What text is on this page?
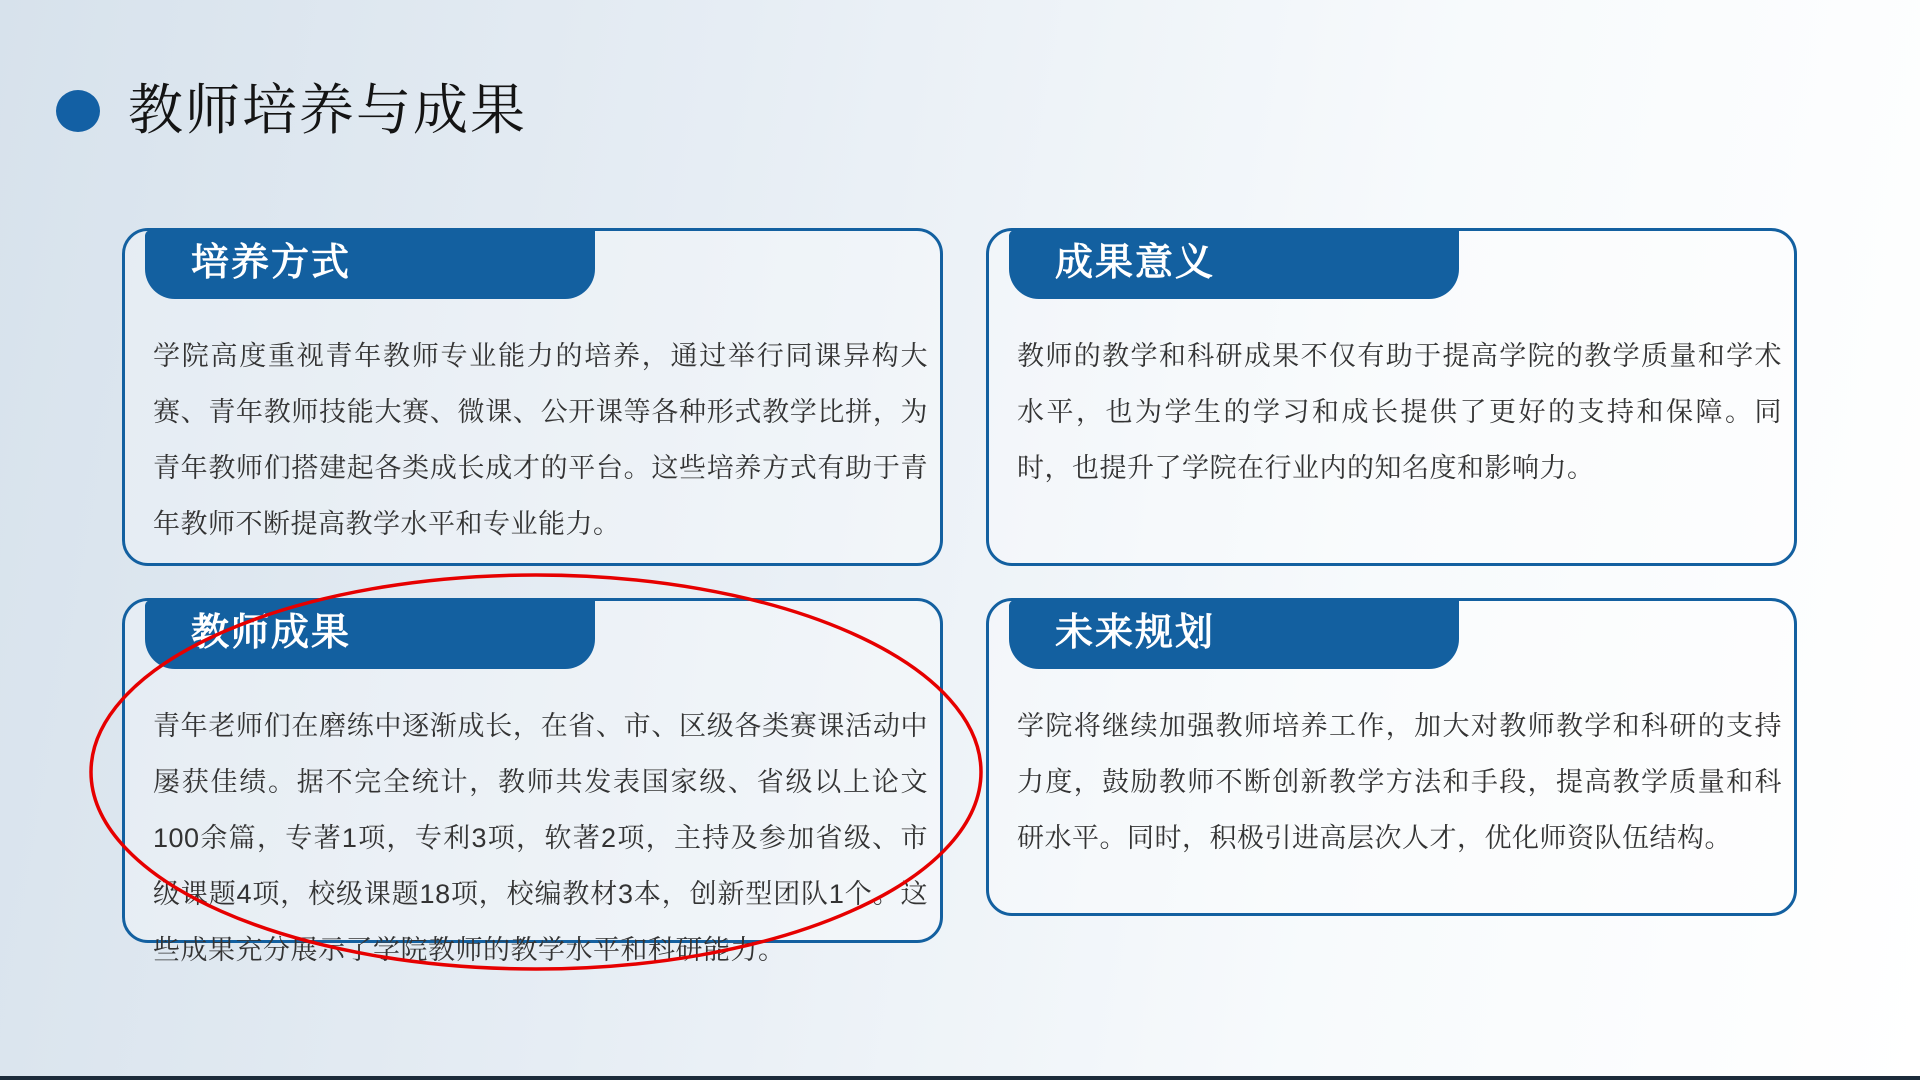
教师培养与成果
培养方式
学院高度重视青年教师专业能力的培养，通过举行同课异构大赛、青年教师技能大赛、微课、公开课等各种形式教学比拼，为青年教师们搭建起各类成长成才的平台。这些培养方式有助于青年教师不断提高教学水平和专业能力。
成果意义
教师的教学和科研成果不仅有助于提高学院的教学质量和学术水平，也为学生的学习和成长提供了更好的支持和保障。同时，也提升了学院在行业内的知名度和影响力。
教师成果
青年老师们在磨练中逐渐成长，在省、市、区级各类赛课活动中屡获佳绩。据不完全统计，教师共发表国家级、省级以上论文100余篇，专著1项，专利3项，软著2项，主持及参加省级、市级课题4项，校级课题18项，校编教材3本，创新型团队1个。这些成果充分展示了学院教师的教学水平和科研能力。
未来规划
学院将继续加强教师培养工作，加大对教师教学和科研的支持力度，鼓励教师不断创新教学方法和手段，提高教学质量和科研水平。同时，积极引进高层次人才，优化师资队伍结构。
